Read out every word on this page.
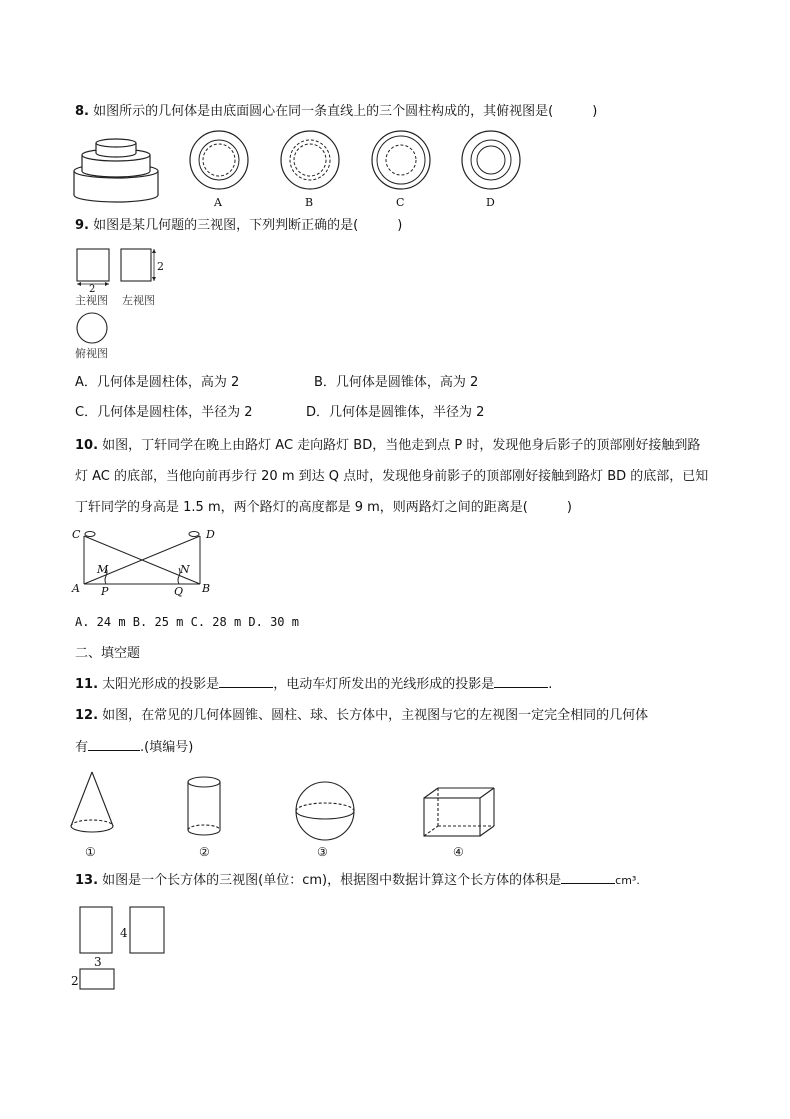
8. 如图所示的几何体是由底面圆心在同一条直线上的三个圆柱构成的，其俯视图是(　　　)
A	B	C	D
9. 如图是某几何题的三视图，下列判断正确的是(　　　)
2
2
主视图 左视图
俯视图
A．几何体是圆柱体，高为 2	B．几何体是圆锥体，高为 2
C．几何体是圆柱体，半径为 2	D．几何体是圆锥体，半径为 2
10. 如图，丁轩同学在晚上由路灯 AC 走向路灯 BD，当他走到点 P 时，发现他身后影子的顶部刚好接触到路
灯 AC 的底部，当他向前再步行 20 m 到达 Q 点时，发现他身前影子的顶部刚好接触到路灯 BD 的底部，已知
丁轩同学的身高是 1.5 m，两个路灯的高度都是 9 m，则两路灯之间的距离是(　　　)
C	D
A	B
M	N
P	Q
A. 24 m B. 25 m C. 28 m D. 30 m
二、填空题
11. 太阳光形成的投影是	，电动车灯所发出的光线形成的投影是	.
12. 如图，在常见的几何体圆锥、圆柱、球、长方体中，主视图与它的左视图一定完全相同的几何体
有	.(填编号)
①	②	③	④
13. 如图是一个长方体的三视图(单位：cm)，根据图中数据计算这个长方体的体积是	cm³.
4
3
2
